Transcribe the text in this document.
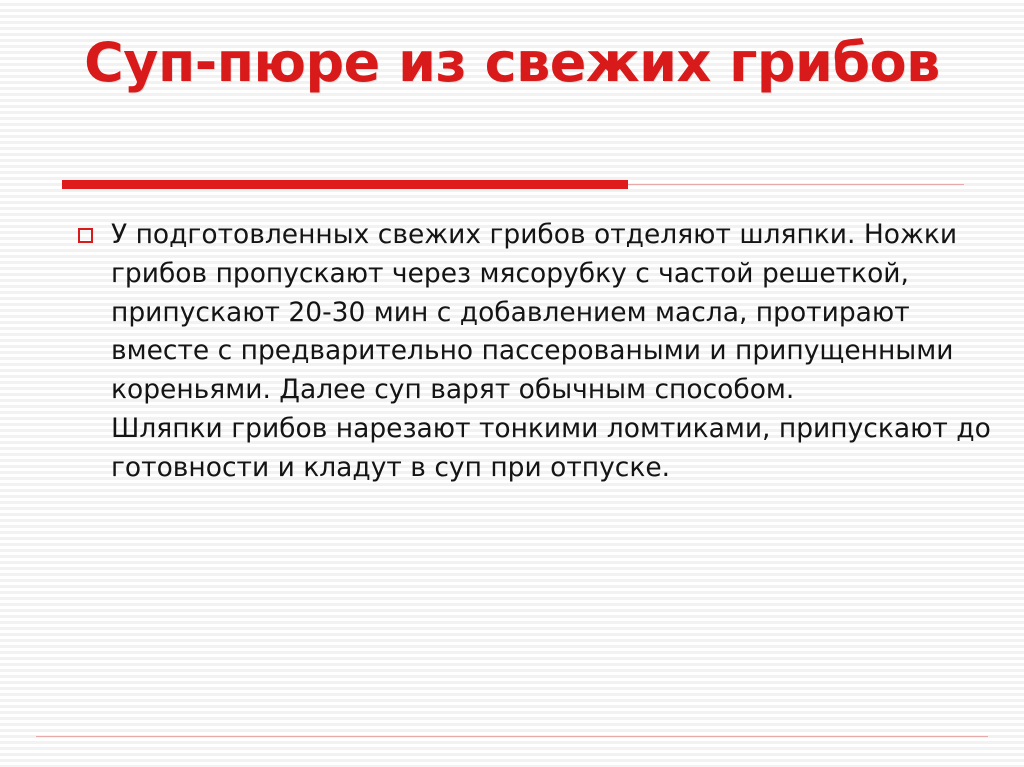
Суп-пюре из свежих грибов

У подготовленных свежих грибов отделяют шляпки. Ножки грибов пропускают через мясорубку с частой решеткой, припускают 20-30 мин с добавлением масла, протирают вместе с предварительно пассероваными и припущенными кореньями. Далее суп варят обычным способом.

Шляпки грибов нарезают тонкими ломтиками, припускают до готовности и кладут в суп при отпуске.
